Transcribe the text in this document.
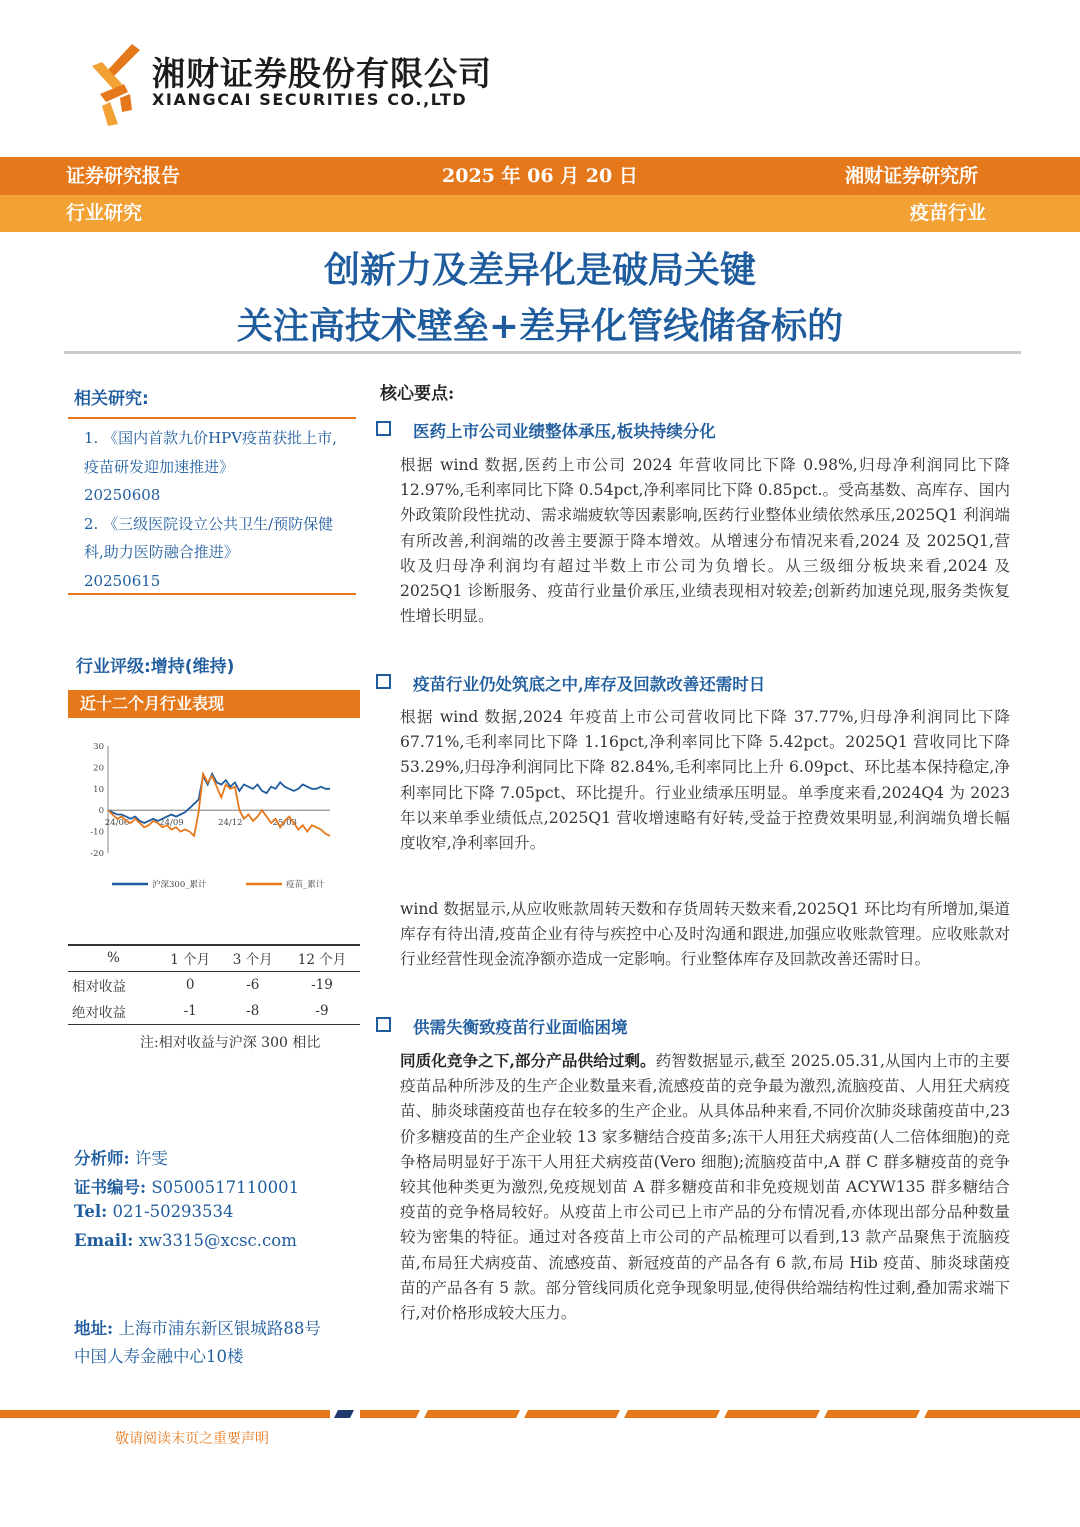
湘财证券股份有限公司
XIANGCAI SECURITIES CO.,LTD
证券研究报告	2025 年 06 月 20 日	湘财证券研究所
行业研究	疫苗行业
创新力及差异化是破局关键
关注高技术壁垒+差异化管线储备标的
相关研究:

1. 《国内首款九价HPV疫苗获批上市,疫苗研发迎加速推进》

20250608

2. 《三级医院设立公共卫生/预防保健科,助力医防融合推进》

20250615

行业评级:增持(维持)
近十二个月行业表现
30
20
10
0
-10
-20
24/06	24/09	24/12	25/03
沪深300_累计	疫苗_累计
%	1 个月	3 个月	12 个月
相对收益	0	-6	-19
绝对收益	-1	-8	-9
注:相对收益与沪深 300 相比
分析师: 许雯
证书编号: S0500517110001
Tel: 021-50293534
Email: xw3315@xcsc.com
地址: 上海市浦东新区银城路88号
中国人寿金融中心10楼
核心要点:
医药上市公司业绩整体承压,板块持续分化

根据 wind 数据,医药上市公司 2024 年营收同比下降 0.98%,归母净利润同比下降 12.97%,毛利率同比下降 0.54pct,净利率同比下降 0.85pct.。受高基数、高库存、国内外政策阶段性扰动、需求端疲软等因素影响,医药行业整体业绩依然承压,2025Q1 利润端有所改善,利润端的改善主要源于降本增效。从增速分布情况来看,2024 及 2025Q1,营收及归母净利润均有超过半数上市公司为负增长。从三级细分板块来看,2024 及 2025Q1 诊断服务、疫苗行业量价承压,业绩表现相对较差;创新药加速兑现,服务类恢复性增长明显。

疫苗行业仍处筑底之中,库存及回款改善还需时日

根据 wind 数据,2024 年疫苗上市公司营收同比下降 37.77%,归母净利润同比下降 67.71%,毛利率同比下降 1.16pct,净利率同比下降 5.42pct。2025Q1 营收同比下降 53.29%,归母净利润同比下降 82.84%,毛利率同比上升 6.09pct、环比基本保持稳定,净利率同比下降 7.05pct、环比提升。行业业绩承压明显。单季度来看,2024Q4 为 2023 年以来单季业绩低点,2025Q1 营收增速略有好转,受益于控费效果明显,利润端负增长幅度收窄,净利率回升。

wind 数据显示,从应收账款周转天数和存货周转天数来看,2025Q1 环比均有所增加,渠道库存有待出清,疫苗企业有待与疾控中心及时沟通和跟进,加强应收账款管理。应收账款对行业经营性现金流净额亦造成一定影响。行业整体库存及回款改善还需时日。

供需失衡致疫苗行业面临困境

同质化竞争之下,部分产品供给过剩。药智数据显示,截至 2025.05.31,从国内上市的主要疫苗品种所涉及的生产企业数量来看,流感疫苗的竞争最为激烈,流脑疫苗、人用狂犬病疫苗、肺炎球菌疫苗也存在较多的生产企业。从具体品种来看,不同价次肺炎球菌疫苗中,23 价多糖疫苗的生产企业较 13 家多糖结合疫苗多;冻干人用狂犬病疫苗(人二倍体细胞)的竞争格局明显好于冻干人用狂犬病疫苗(Vero 细胞);流脑疫苗中,A 群 C 群多糖疫苗的竞争较其他种类更为激烈,免疫规划苗 A 群多糖疫苗和非免疫规划苗 ACYW135 群多糖结合疫苗的竞争格局较好。从疫苗上市公司已上市产品的分布情况看,亦体现出部分品种数量较为密集的特征。通过对各疫苗上市公司的产品梳理可以看到,13 款产品聚焦于流脑疫苗,布局狂犬病疫苗、流感疫苗、新冠疫苗的产品各有 6 款,布局 Hib 疫苗、肺炎球菌疫苗的产品各有 5 款。部分管线同质化竞争现象明显,使得供给端结构性过剩,叠加需求端下行,对价格形成较大压力。

敬请阅读末页之重要声明
